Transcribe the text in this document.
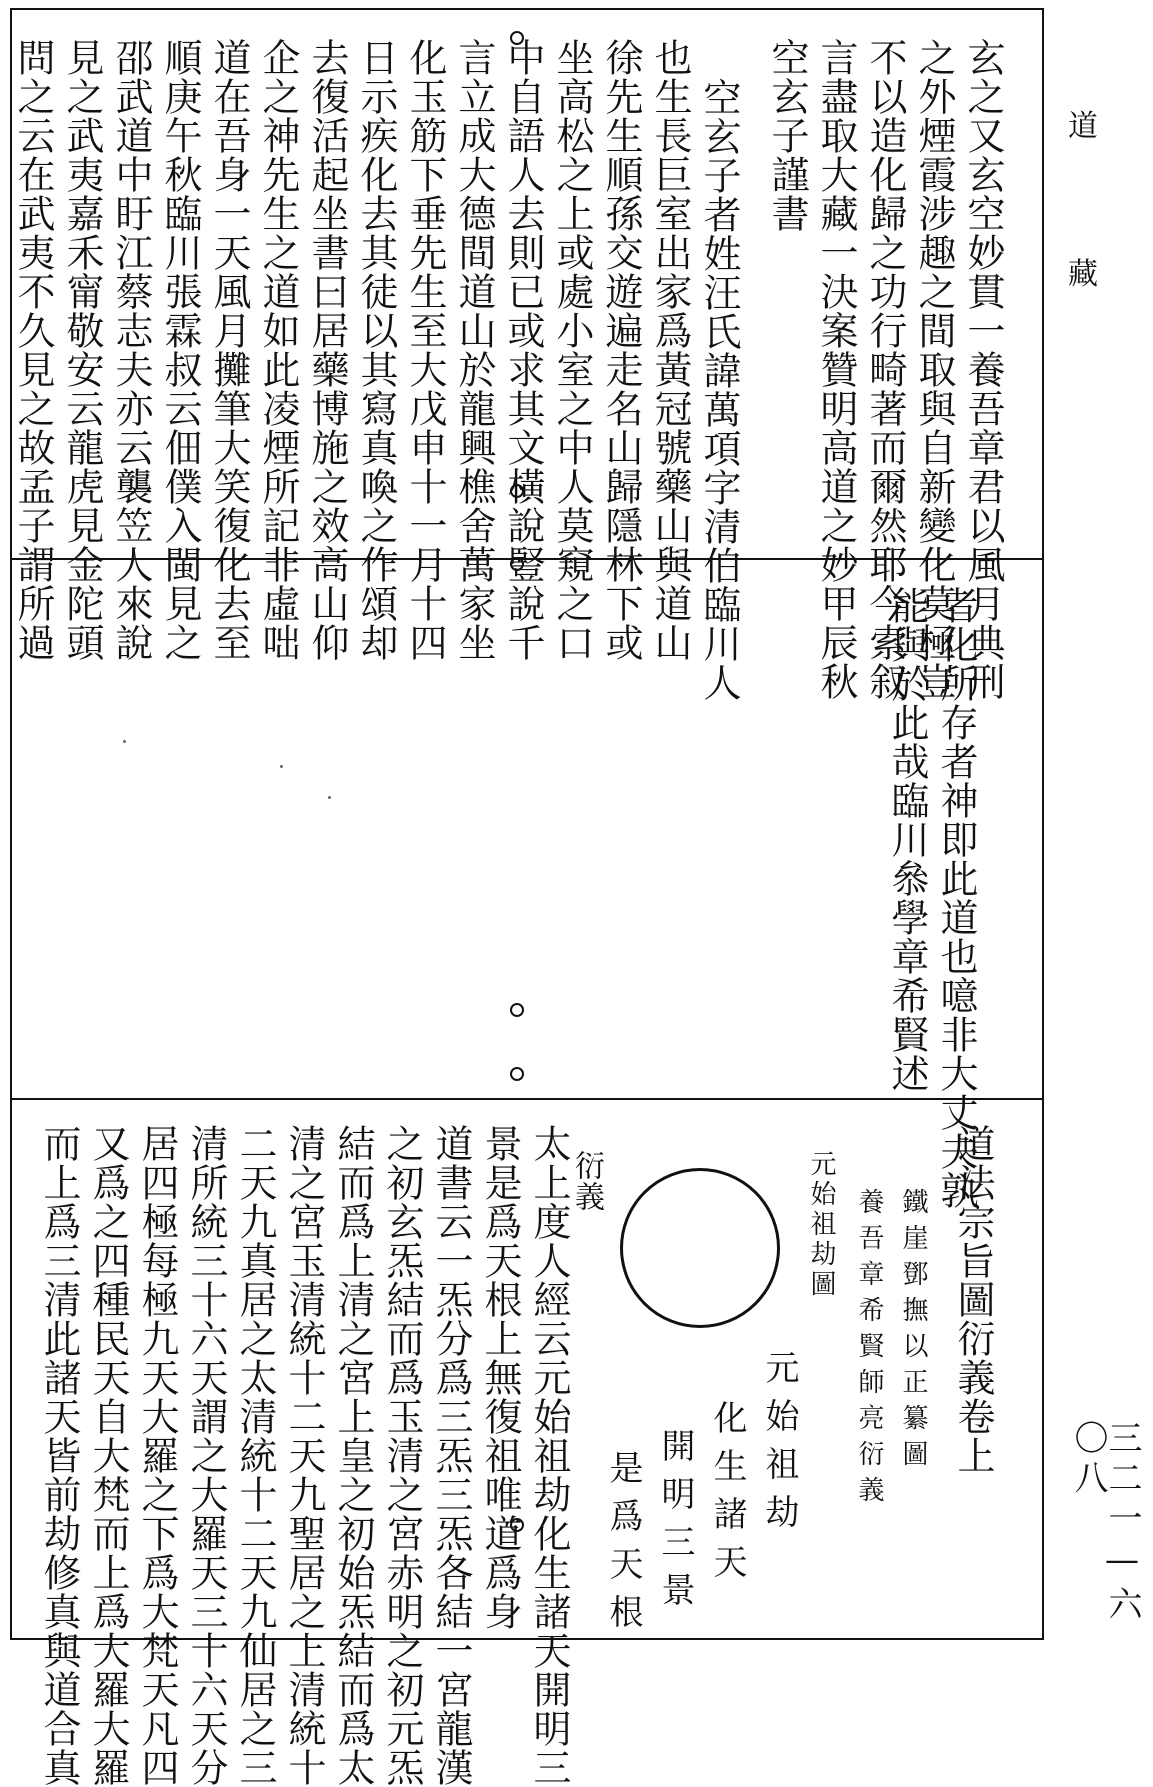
道
藏
三二一—六〇八
玄之又玄空妙貫一養吾章君以風月典刑
之外煙霞涉趣之間取與自新變化莫極豈
不以造化歸之功行畸著而爾然耶今索叙
言盡取大藏一決案贊明高道之妙甲辰秋
空玄子謹書
空玄子者姓汪氏諱萬項字清伯臨川人
也生長巨室出家爲黃冠號藥山與道山
徐先生順孫交遊遍走名山歸隱林下或
坐高松之上或處小室之中人莫窺之口
中自語人去則已或求其文橫說豎說千
言立成大德間道山於龍興樵舍萬家坐
化玉筋下垂先生至大戊申十一月十四
日示疾化去其徒以其寫真喚之作頌却
去復活起坐書曰居藥博施之效高山仰
企之神先生之道如此凌煙所記非虛咄
道在吾身一天風月攤筆大笑復化去至
順庚午秋臨川張霖叔云佃僕入閩見之
邵武道中盱江蔡志夫亦云襲笠人來說
見之武夷嘉禾甯敬安云龍虎見金陀頭
問之云在武夷不久見之故孟子謂所過
者化所存者神即此道也噫非大丈夫孰
能與於此哉臨川叅學章希賢述
道法宗旨圖衍義卷上
鐵崖鄧撫以正纂圖
養吾章希賢師亮衍義
元始祖劫圖
元始祖劫
化生諸天
開明三景
是爲天根
衍義
太上度人經云元始祖劫化生諸天開明三
景是爲天根上無復祖唯道爲身
道書云一炁分爲三炁三炁各結一宮龍漢
之初玄炁結而爲玉清之宮赤明之初元炁
結而爲上清之宮上皇之初始炁結而爲太
清之宮玉清統十二天九聖居之上清統十
二天九真居之太清統十二天九仙居之三
清所統三十六天謂之大羅天三十六天分
居四極每極九天大羅之下爲大梵天凡四
又爲之四種民天自大梵而上爲大羅大羅
而上爲三清此諸天皆前劫修真與道合真
